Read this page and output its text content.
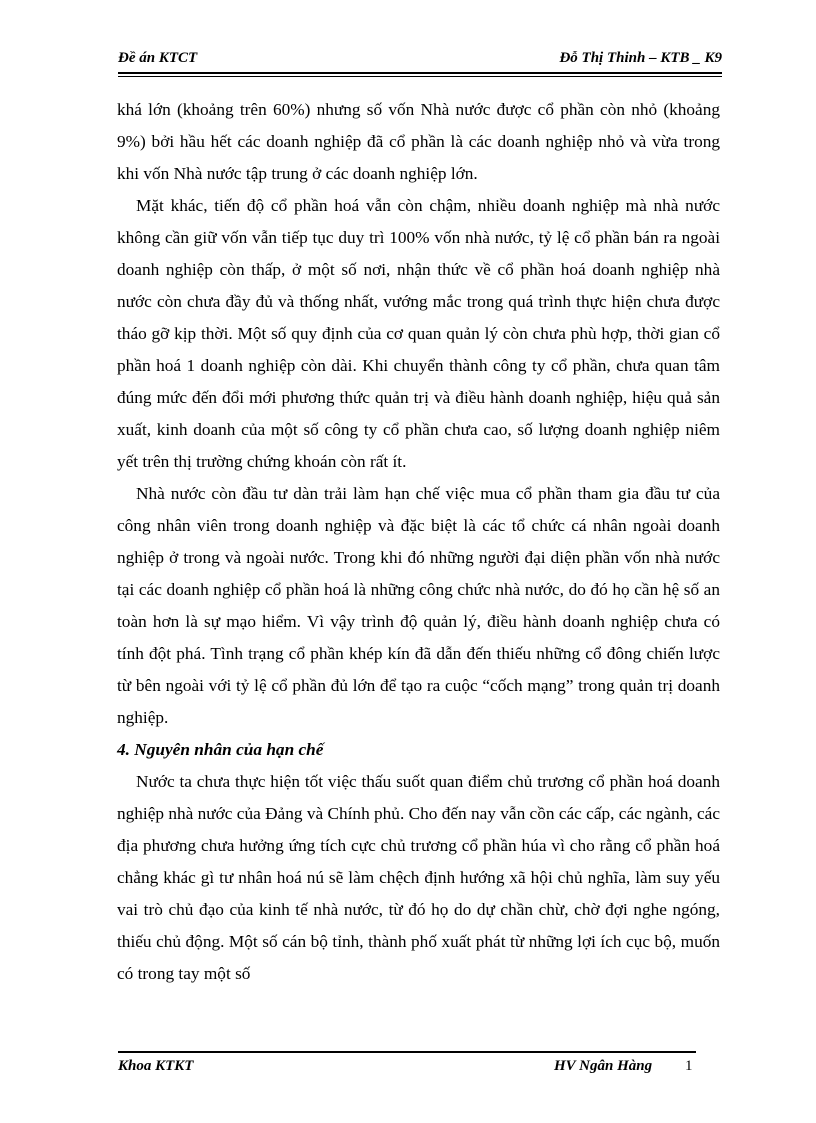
Đề án KTCT	Đỗ Thị Thinh – KTB _ K9

khá lớn (khoảng trên 60%) nhưng số vốn Nhà nước được cổ phần còn nhỏ (khoảng 9%) bởi hầu hết các doanh nghiệp đã cổ phần là các doanh nghiệp nhỏ và vừa trong khi vốn Nhà nước tập trung ở các doanh nghiệp lớn.

Mặt khác, tiến độ cổ phần hoá vẫn còn chậm, nhiều doanh nghiệp mà nhà nước không cần giữ vốn vẫn tiếp tục duy trì 100% vốn nhà nước, tỷ lệ cổ phần bán ra ngoài doanh nghiệp còn thấp, ở một số nơi, nhận thức về cổ phần hoá doanh nghiệp nhà nước còn chưa đầy đủ và thống nhất, vướng mắc trong quá trình thực hiện chưa được tháo gỡ kịp thời. Một số quy định của cơ quan quản lý còn chưa phù hợp, thời gian cổ phần hoá 1 doanh nghiệp còn dài. Khi chuyển thành công ty cổ phần, chưa quan tâm đúng mức đến đổi mới phương thức quản trị và điều hành doanh nghiệp, hiệu quả sản xuất, kinh doanh của một số công ty cổ phần chưa cao, số lượng doanh nghiệp niêm yết trên thị trường chứng khoán còn rất ít.

Nhà nước còn đầu tư dàn trải làm hạn chế việc mua cổ phần tham gia đầu tư của công nhân viên trong doanh nghiệp và đặc biệt là các tổ chức cá nhân ngoài doanh nghiệp ở trong và ngoài nước. Trong khi đó những người đại diện phần vốn nhà nước tại các doanh nghiệp cổ phần hoá là những công chức nhà nước, do đó họ cần hệ số an toàn hơn là sự mạo hiểm. Vì vậy trình độ quản lý, điều hành doanh nghiệp chưa có tính đột phá. Tình trạng cổ phần khép kín đã dẫn đến thiếu những cổ đông chiến lược từ bên ngoài với tỷ lệ cổ phần đủ lớn để tạo ra cuộc “cốch mạng” trong quản trị doanh nghiệp.

4. Nguyên nhân của hạn chế

Nước ta chưa thực hiện tốt việc thấu suốt quan điểm chủ trương cổ phần hoá doanh nghiệp nhà nước của Đảng và Chính phủ. Cho đến nay vẫn cồn các cấp, các ngành, các địa phương chưa hưởng ứng tích cực chủ trương cổ phần húa vì cho rằng cổ phần hoá chẳng khác gì tư nhân hoá nú sẽ làm chệch định hướng xã hội chủ nghĩa, làm suy yếu vai trò chủ đạo của kinh tế nhà nước, từ đó họ do dự chần chừ, chờ đợi nghe ngóng, thiếu chủ động. Một số cán bộ tỉnh, thành phố xuất phát từ những lợi ích cục bộ, muốn có trong tay một số

Khoa KTKT	HV Ngân Hàng 1
